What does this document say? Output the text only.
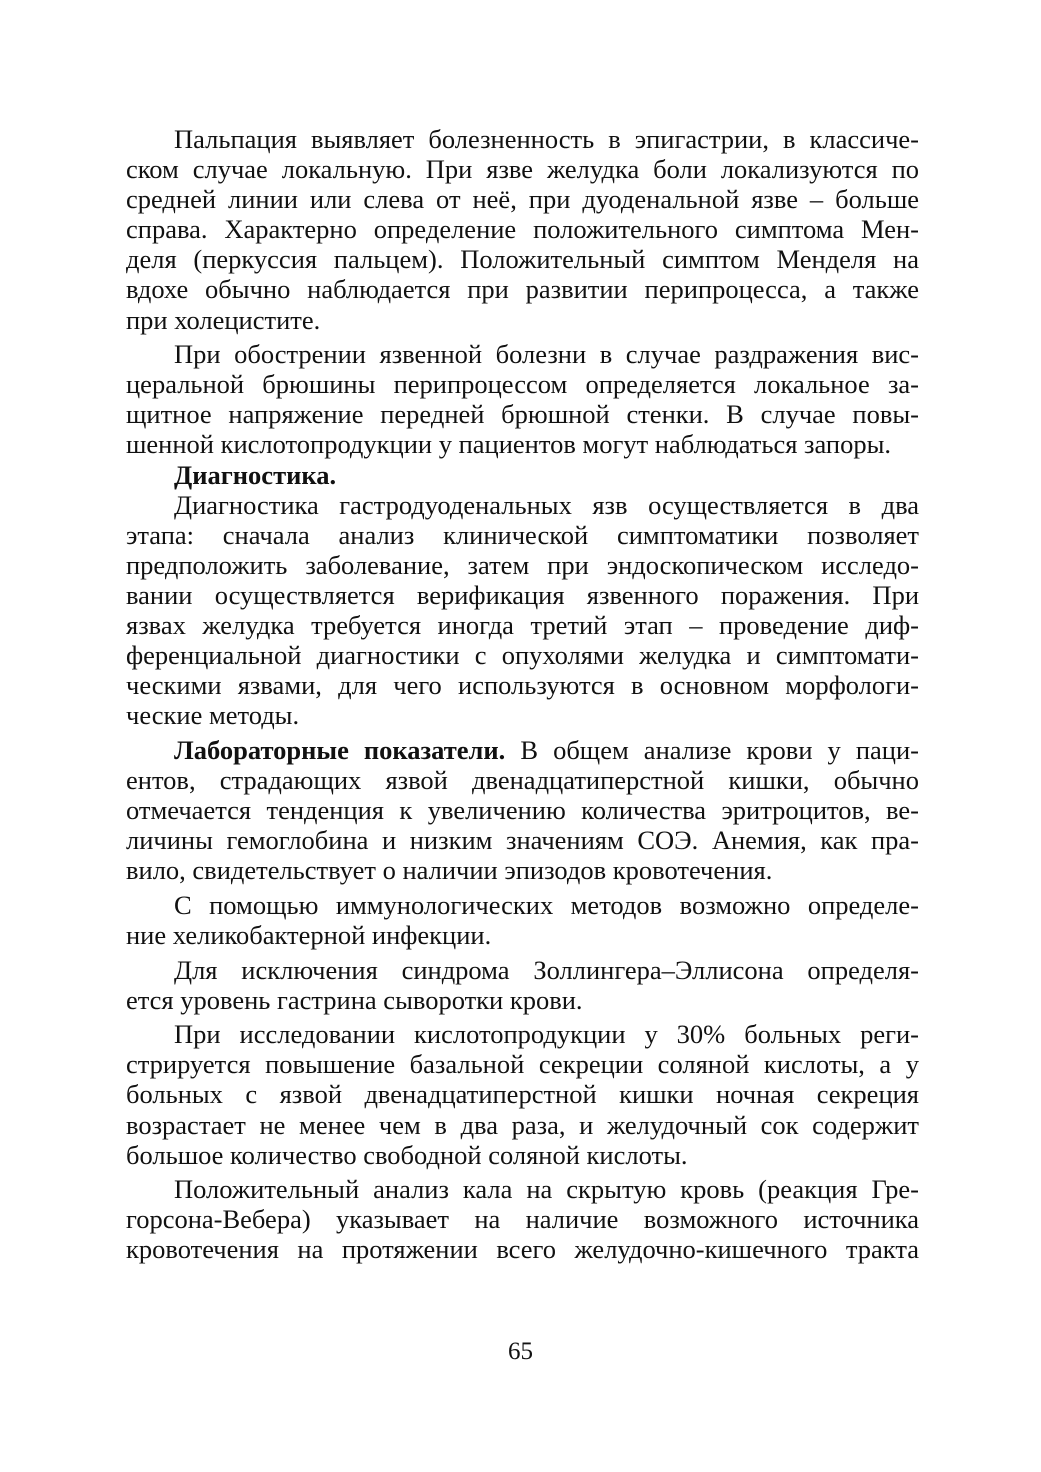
Пальпация выявляет болезненность в эпигастрии, в классиче-
ском случае локальную. При язве желудка боли локализуются по
средней линии или слева от неё, при дуоденальной язве – больше
справа. Характерно определение положительного симптома Мен-
деля (перкуссия пальцем). Положительный симптом Менделя на
вдохе обычно наблюдается при развитии перипроцесса, а также
при холецистите.
При обострении язвенной болезни в случае раздражения вис-
церальной брюшины перипроцессом определяется локальное за-
щитное напряжение передней брюшной стенки. В случае повы-
шенной кислотопродукции у пациентов могут наблюдаться запоры.
Диагностика.
Диагностика гастродуоденальных язв осуществляется в два
этапа: сначала анализ клинической симптоматики позволяет
предположить заболевание, затем при эндоскопическом исследо-
вании осуществляется верификация язвенного поражения. При
язвах желудка требуется иногда третий этап – проведение диф-
ференциальной диагностики с опухолями желудка и симптомати-
ческими язвами, для чего используются в основном морфологи-
ческие методы.
Лабораторные показатели. В общем анализе крови у паци-
ентов, страдающих язвой двенадцатиперстной кишки, обычно
отмечается тенденция к увеличению количества эритроцитов, ве-
личины гемоглобина и низким значениям СОЭ. Анемия, как пра-
вило, свидетельствует о наличии эпизодов кровотечения.
С помощью иммунологических методов возможно определе-
ние хеликобактерной инфекции.
Для исключения синдрома Золлингера–Эллисона определя-
ется уровень гастрина сыворотки крови.
При исследовании кислотопродукции у 30% больных реги-
стрируется повышение базальной секреции соляной кислоты, а у
больных с язвой двенадцатиперстной кишки ночная секреция
возрастает не менее чем в два раза, и желудочный сок содержит
большое количество свободной соляной кислоты.
Положительный анализ кала на скрытую кровь (реакция Гре-
горсона-Вебера) указывает на наличие возможного источника
кровотечения на протяжении всего желудочно-кишечного тракта
65
